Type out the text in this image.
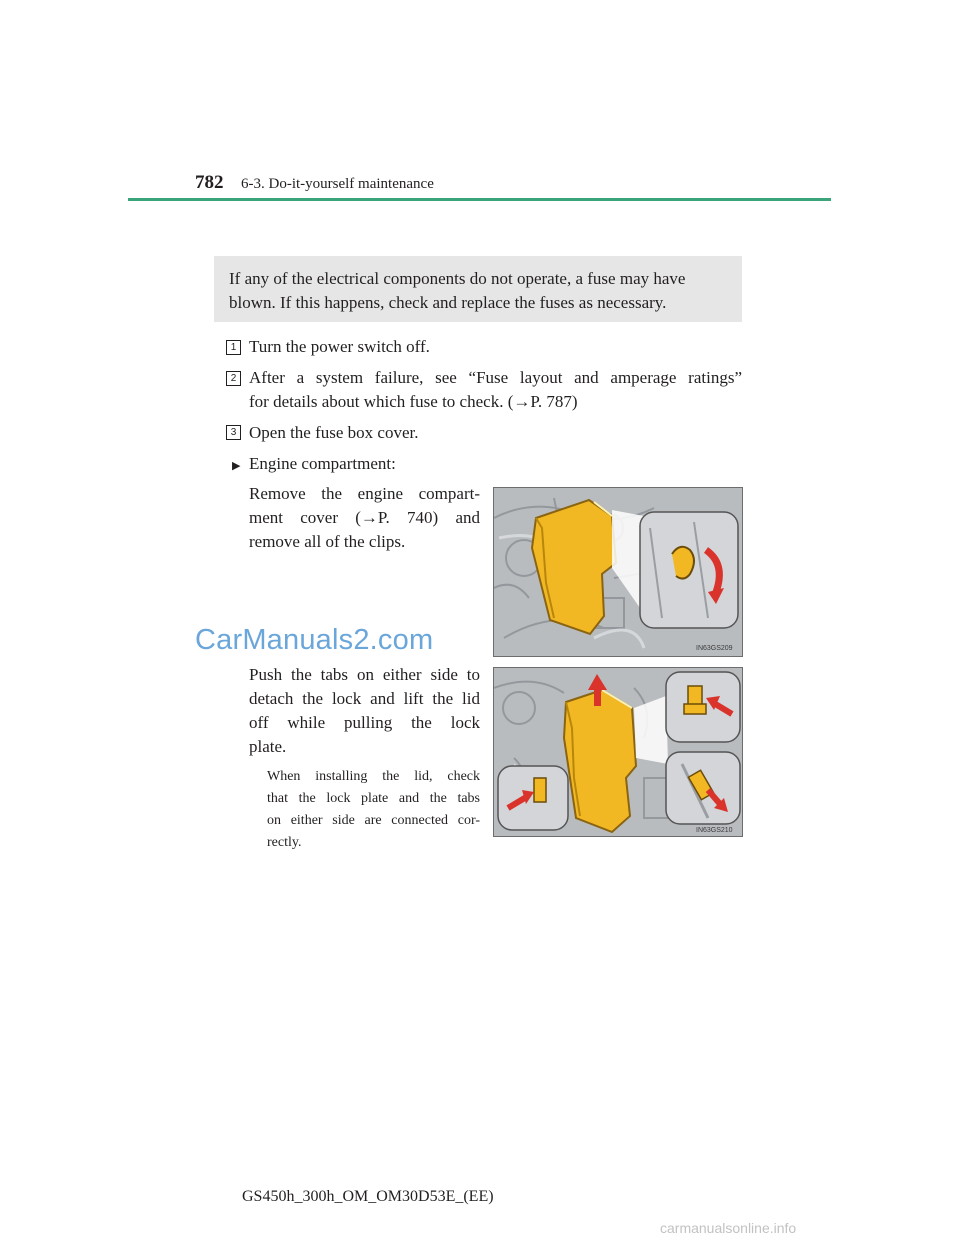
782 6-3. Do-it-yourself maintenance
If any of the electrical components do not operate, a fuse may have blown. If this happens, check and replace the fuses as necessary.
1 Turn the power switch off.
2 After a system failure, see “Fuse layout and amperage ratings”
for details about which fuse to check. (→P. 787)
3 Open the fuse box cover.
▶ Engine compartment:
Remove the engine compart-
ment cover (→P. 740) and
remove all of the clips.
IN63GS209
CarManuals2.com
Push the tabs on either side to
detach the lock and lift the lid
off while pulling the lock
plate.
When installing the lid, check
that the lock plate and the tabs
on either side are connected cor-
rectly.
IN63GS210
GS450h_300h_OM_OM30D53E_(EE)
carmanualsonline.info
